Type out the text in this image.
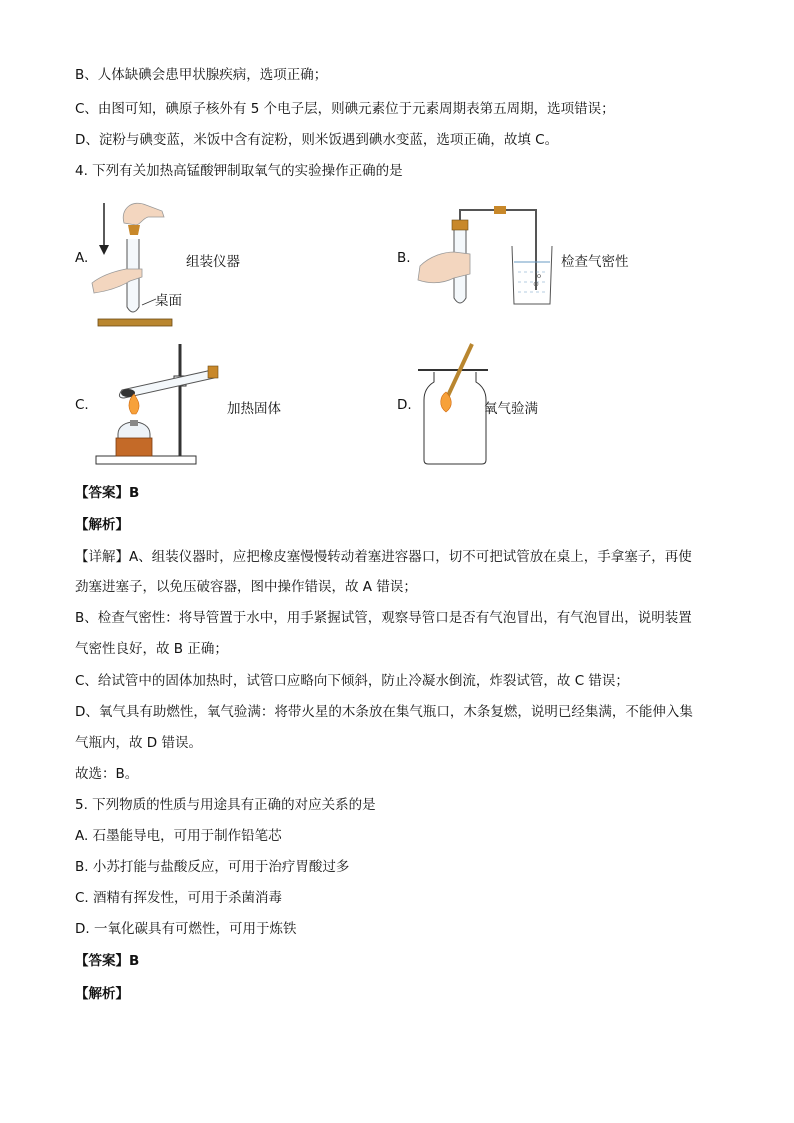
B、人体缺碘会患甲状腺疾病，选项正确；
C、由图可知，碘原子核外有 5 个电子层，则碘元素位于元素周期表第五周期，选项错误；
D、淀粉与碘变蓝，米饭中含有淀粉，则米饭遇到碘水变蓝，选项正确，故填 C。
4. 下列有关加热高锰酸钾制取氧气的实验操作正确的是
A.	组装仪器
桌面
B.	检查气密性
C.	加热固体	D.	氧气验满
【答案】B
【解析】
【详解】A、组装仪器时，应把橡皮塞慢慢转动着塞进容器口，切不可把试管放在桌上，手拿塞子，再使
劲塞进塞子，以免压破容器，图中操作错误，故 A 错误；
B、检查气密性：将导管置于水中，用手紧握试管，观察导管口是否有气泡冒出，有气泡冒出，说明装置
气密性良好，故 B 正确；
C、给试管中的固体加热时，试管口应略向下倾斜，防止冷凝水倒流，炸裂试管，故 C 错误；
D、氧气具有助燃性，氧气验满：将带火星的木条放在集气瓶口，木条复燃，说明已经集满，不能伸入集
气瓶内，故 D 错误。
故选：B。
5. 下列物质的性质与用途具有正确的对应关系的是
A. 石墨能导电，可用于制作铅笔芯
B. 小苏打能与盐酸反应，可用于治疗胃酸过多
C. 酒精有挥发性，可用于杀菌消毒
D. 一氧化碳具有可燃性，可用于炼铁
【答案】B
【解析】
